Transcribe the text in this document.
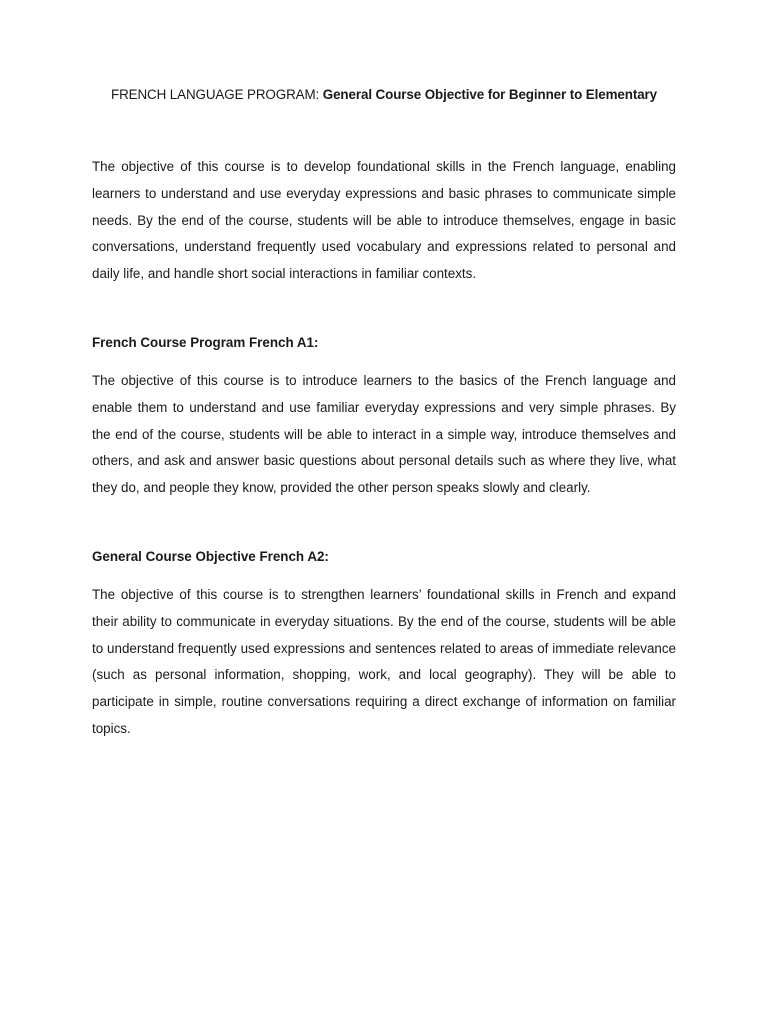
FRENCH LANGUAGE PROGRAM: General Course Objective for Beginner to Elementary

The objective of this course is to develop foundational skills in the French language, enabling learners to understand and use everyday expressions and basic phrases to communicate simple needs. By the end of the course, students will be able to introduce themselves, engage in basic conversations, understand frequently used vocabulary and expressions related to personal and daily life, and handle short social interactions in familiar contexts.

French Course Program French A1:

The objective of this course is to introduce learners to the basics of the French language and enable them to understand and use familiar everyday expressions and very simple phrases. By the end of the course, students will be able to interact in a simple way, introduce themselves and others, and ask and answer basic questions about personal details such as where they live, what they do, and people they know, provided the other person speaks slowly and clearly.

General Course Objective French A2:

The objective of this course is to strengthen learners’ foundational skills in French and expand their ability to communicate in everyday situations. By the end of the course, students will be able to understand frequently used expressions and sentences related to areas of immediate relevance (such as personal information, shopping, work, and local geography). They will be able to participate in simple, routine conversations requiring a direct exchange of information on familiar topics.
